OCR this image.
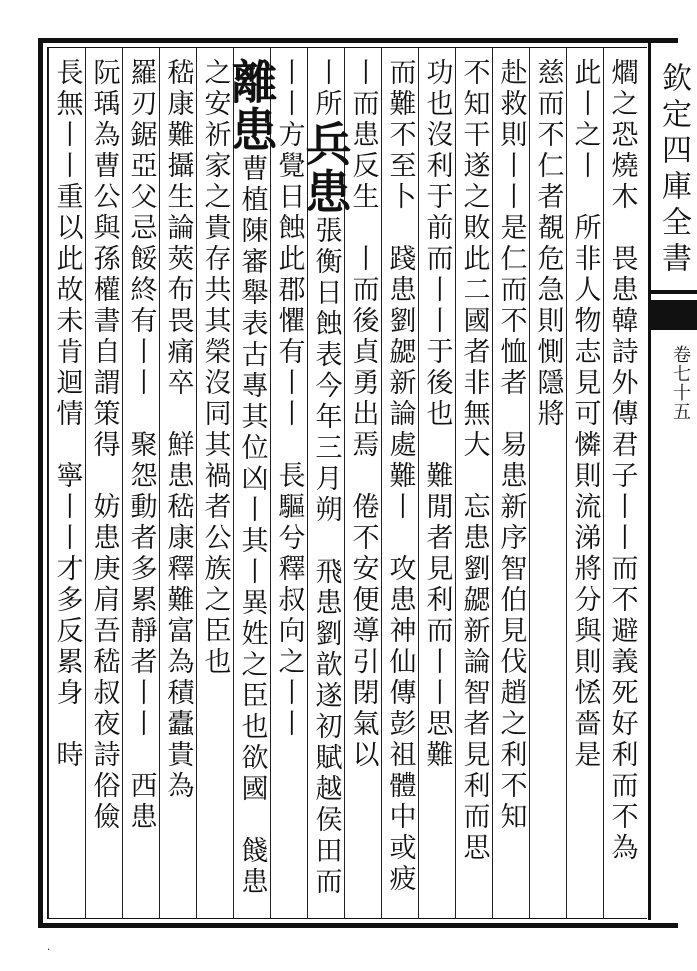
欽定四庫全書
卷七十五
爓之恐燒木　畏患韓詩外傳君子丨丨而不避義死好利而不為
此丨之丨　所非人物志見可憐則流涕將分與則恡嗇是
慈而不仁者覩危急則惻隱將
赴救則丨丨是仁而不恤者　易患新序智伯見伐趙之利不知
不知干遂之敗此二國者非無大　忘患劉勰新論智者見利而思
功也沒利于前而丨丨于後也　難閒者見利而丨丨思難
而難不至卜　踐患劉勰新論處難丨　攻患神仙傳彭祖體中或疲
丨而患反生　丨而後貞勇出焉　倦不安便導引閉氣以
丨所兵患張衡日蝕表今年三月朔　飛患劉歆遂初賦越侯田而
丨丨方覺日蝕此郡懼有丨丨　長驅兮釋叔向之丨丨
離患曹植陳審舉表古專其位凶丨其丨異姓之臣也欲國　餞患
之安祈家之貴存共其榮沒同其禍者公族之臣也
嵇康難攝生論莢布畏痛卒　鮮患嵇康釋難富為積蠹貴為
羅刃鋸亞父忌餒終有丨丨　聚怨動者多累靜者丨丨　西患
阮瑀為曹公與孫權書自謂策得　妨患庚肩吾嵇叔夜詩俗儉
長無丨丨重以此故未肯迴情　寧丨丨才多反累身　時
·
